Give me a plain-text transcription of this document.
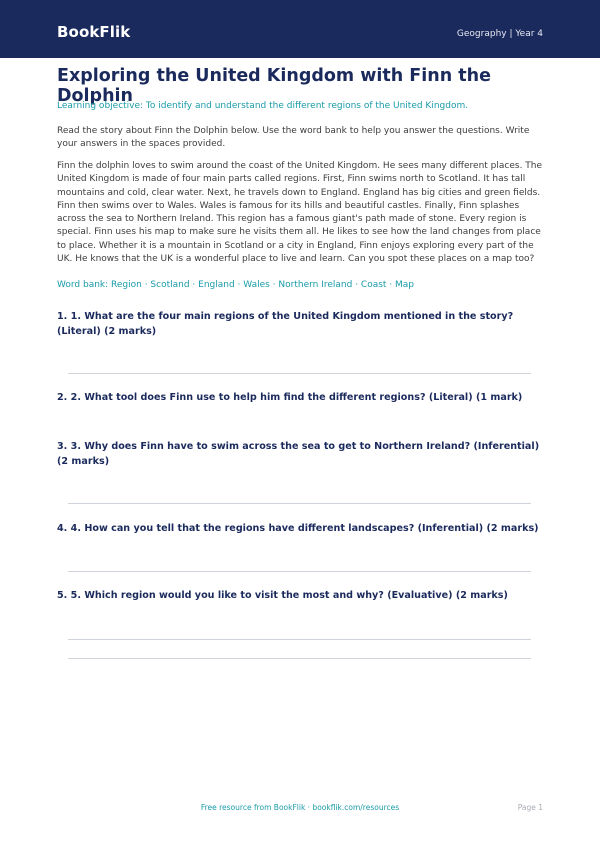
BookFlik	Geography | Year 4
Exploring the United Kingdom with Finn the Dolphin
Learning objective: To identify and understand the different regions of the United Kingdom.

Read the story about Finn the Dolphin below. Use the word bank to help you answer the questions. Write your answers in the spaces provided.

Finn the dolphin loves to swim around the coast of the United Kingdom. He sees many different places. The United Kingdom is made of four main parts called regions. First, Finn swims north to Scotland. It has tall mountains and cold, clear water. Next, he travels down to England. England has big cities and green fields. Finn then swims over to Wales. Wales is famous for its hills and beautiful castles. Finally, Finn splashes across the sea to Northern Ireland. This region has a famous giant's path made of stone. Every region is special. Finn uses his map to make sure he visits them all. He likes to see how the land changes from place to place. Whether it is a mountain in Scotland or a city in England, Finn enjoys exploring every part of the UK. He knows that the UK is a wonderful place to live and learn. Can you spot these places on a map too?

Word bank: Region · Scotland · England · Wales · Northern Ireland · Coast · Map

1. 1. What are the four main regions of the United Kingdom mentioned in the story? (Literal) (2 marks)

2. 2. What tool does Finn use to help him find the different regions? (Literal) (1 mark)

3. 3. Why does Finn have to swim across the sea to get to Northern Ireland? (Inferential) (2 marks)

4. 4. How can you tell that the regions have different landscapes? (Inferential) (2 marks)

5. 5. Which region would you like to visit the most and why? (Evaluative) (2 marks)

Free resource from BookFlik · bookflik.com/resources	Page 1
